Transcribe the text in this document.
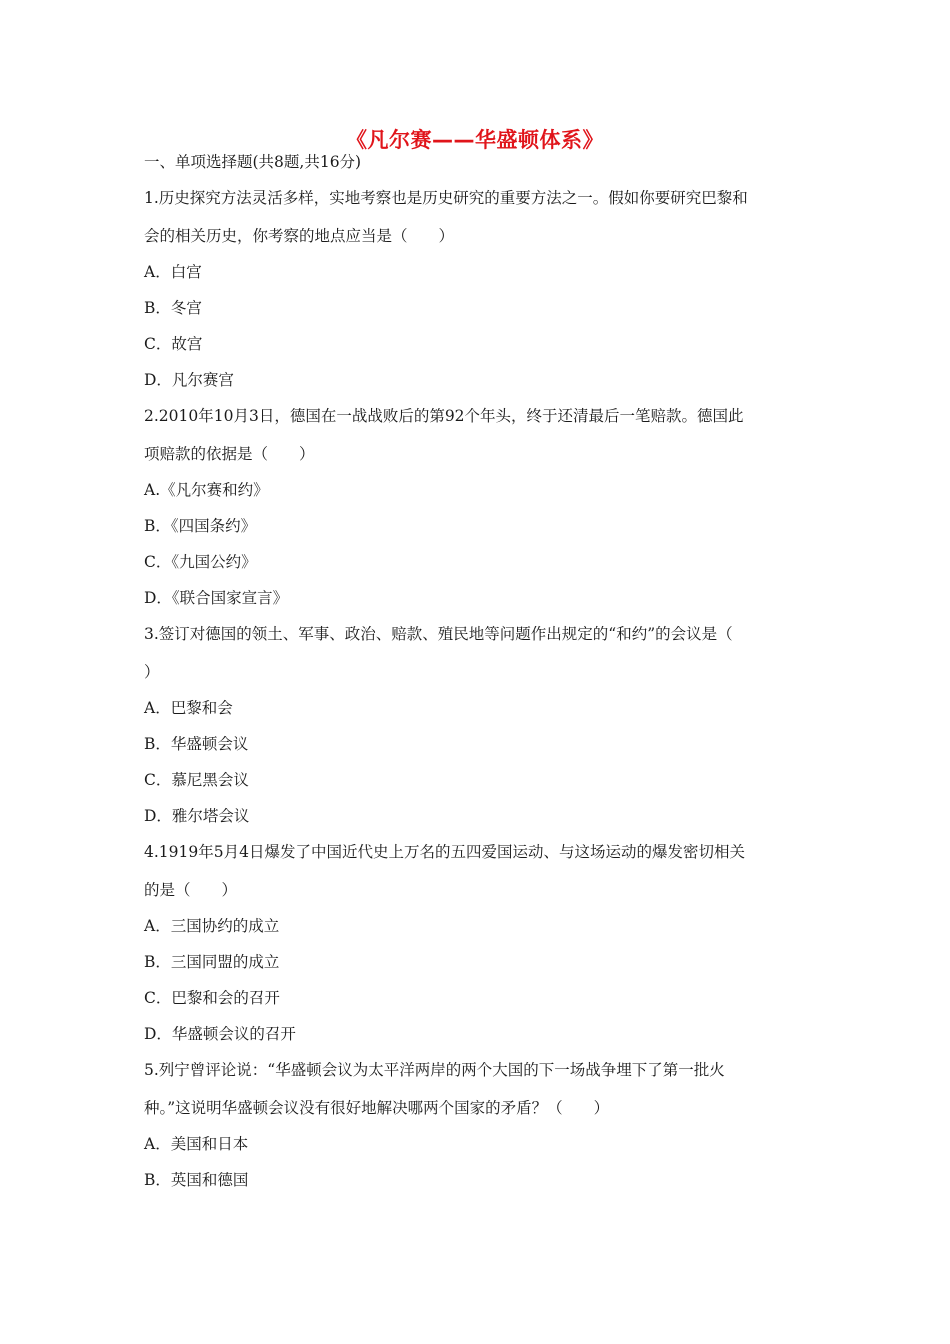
《凡尔赛——华盛顿体系》
一、单项选择题(共8题,共16分)
1.历史探究方法灵活多样，实地考察也是历史研究的重要方法之一。假如你要研究巴黎和
会的相关历史，你考察的地点应当是（　　）
A．白宫
B．冬宫
C．故宫
D．凡尔赛宫
2.2010年10月3日，德国在一战战败后的第92个年头，终于还清最后一笔赔款。德国此
项赔款的依据是（　　）
A.《凡尔赛和约》
B．《四国条约》
C．《九国公约》
D．《联合国家宣言》
3.签订对德国的领土、军事、政治、赔款、殖民地等问题作出规定的“和约”的会议是（
）
A．巴黎和会
B．华盛顿会议
C．慕尼黑会议
D．雅尔塔会议
4.1919年5月4日爆发了中国近代史上万名的五四爱国运动、与这场运动的爆发密切相关
的是（　　）
A．三国协约的成立
B．三国同盟的成立
C．巴黎和会的召开
D．华盛顿会议的召开
5.列宁曾评论说：“华盛顿会议为太平洋两岸的两个大国的下一场战争埋下了第一批火
种。”这说明华盛顿会议没有很好地解决哪两个国家的矛盾？（　　）
A．美国和日本
B．英国和德国
